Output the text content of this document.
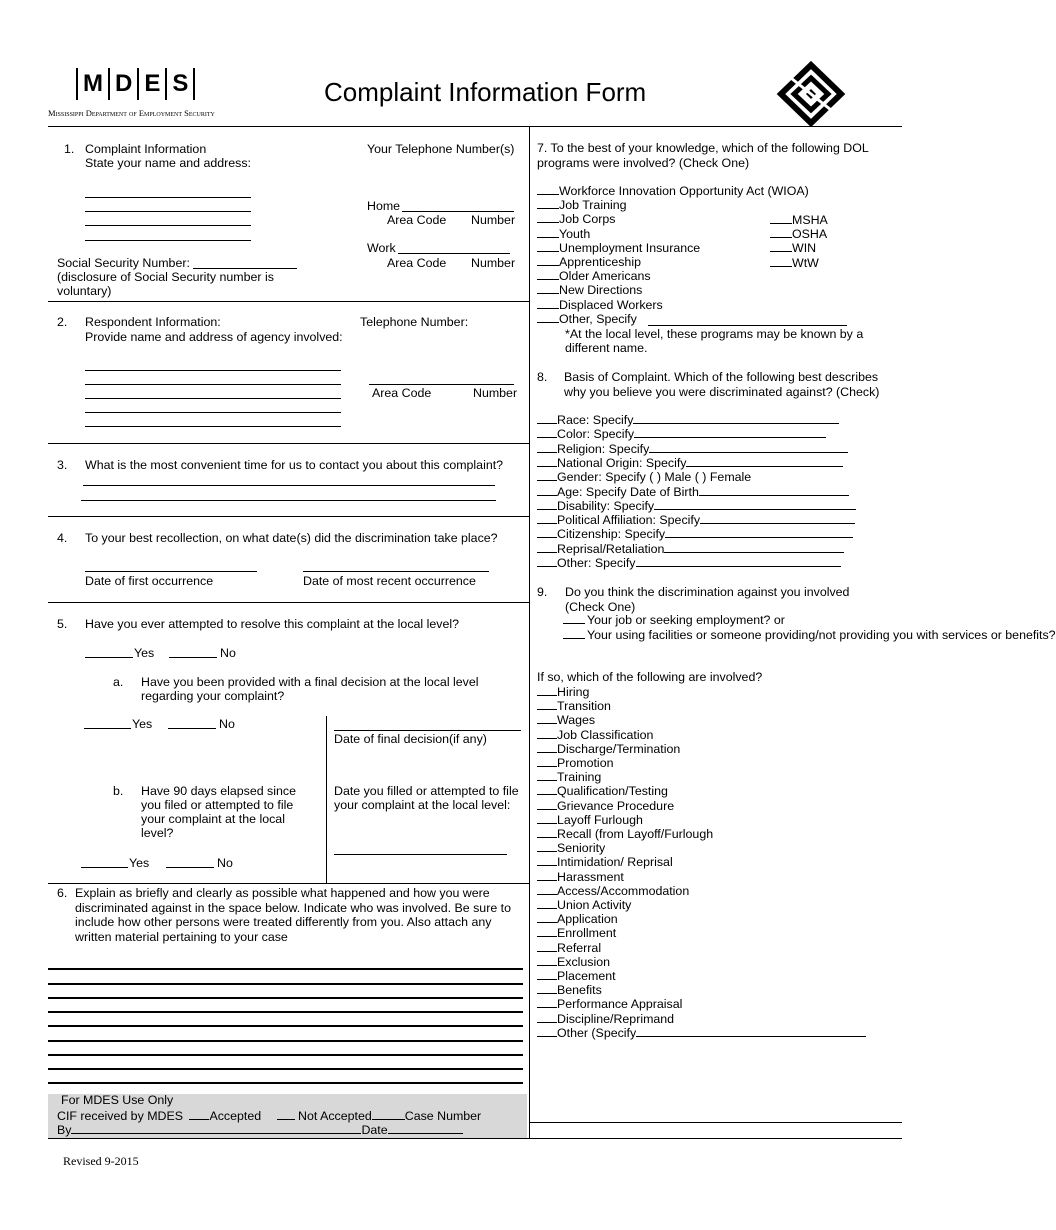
M D E S
Mississippi Department of Employment Security
Complaint Information Form
1. Complaint Information
State your name and address:
Your Telephone Number(s)
Home
Area Code Number
Work
Area Code Number
Social Security Number:
(disclosure of Social Security number is voluntary)
2. Respondent Information:
Provide name and address of agency involved:
Telephone Number:
Area Code	Number
3. What is the most convenient time for us to contact you about this complaint?
4. To your best recollection, on what date(s) did the discrimination take place?
Date of first occurrence	Date of most recent occurrence
5. Have you ever attempted to resolve this complaint at the local level?
Yes	No
a. Have you been provided with a final decision at the local level regarding your complaint?
Yes	No
Date of final decision(if any)
b. Have 90 days elapsed since you filed or attempted to file your complaint at the local level?
Date you filled or attempted to file your complaint at the local level:
Yes	No
6. Explain as briefly and clearly as possible what happened and how you were discriminated against in the space below. Indicate who was involved. Be sure to include how other persons were treated differently from you. Also attach any written material pertaining to your case
For MDES Use Only
CIF received by MDES Accepted	Not Accepted	Case Number
By	Date
Revised 9-2015
7. To the best of your knowledge, which of the following DOL programs were involved? (Check One)
Workforce Innovation Opportunity Act (WIOA)
Job Training
Job Corps
Youth
Unemployment Insurance
Apprenticeship
Older Americans
New Directions
Displaced Workers
Other, Specify
MSHA
OSHA
WIN
WtW
*At the local level, these programs may be known by a different name.
8. Basis of Complaint. Which of the following best describes why you believe you were discriminated against? (Check)
Race: Specify
Color: Specify
Religion: Specify
National Origin: Specify
Gender: Specify ( ) Male ( ) Female
Age: Specify Date of Birth
Disability: Specify
Political Affiliation: Specify
Citizenship: Specify
Reprisal/Retaliation
Other: Specify
9. Do you think the discrimination against you involved (Check One)
Your job or seeking employment? or
Your using facilities or someone providing/not providing you with services or benefits?
If so, which of the following are involved?
Hiring
Transition
Wages
Job Classification
Discharge/Termination
Promotion
Training
Qualification/Testing
Grievance Procedure
Layoff Furlough
Recall (from Layoff/Furlough
Seniority
Intimidation/ Reprisal
Harassment
Access/Accommodation
Union Activity
Application
Enrollment
Referral
Exclusion
Placement
Benefits
Performance Appraisal
Discipline/Reprimand
Other (Specify
